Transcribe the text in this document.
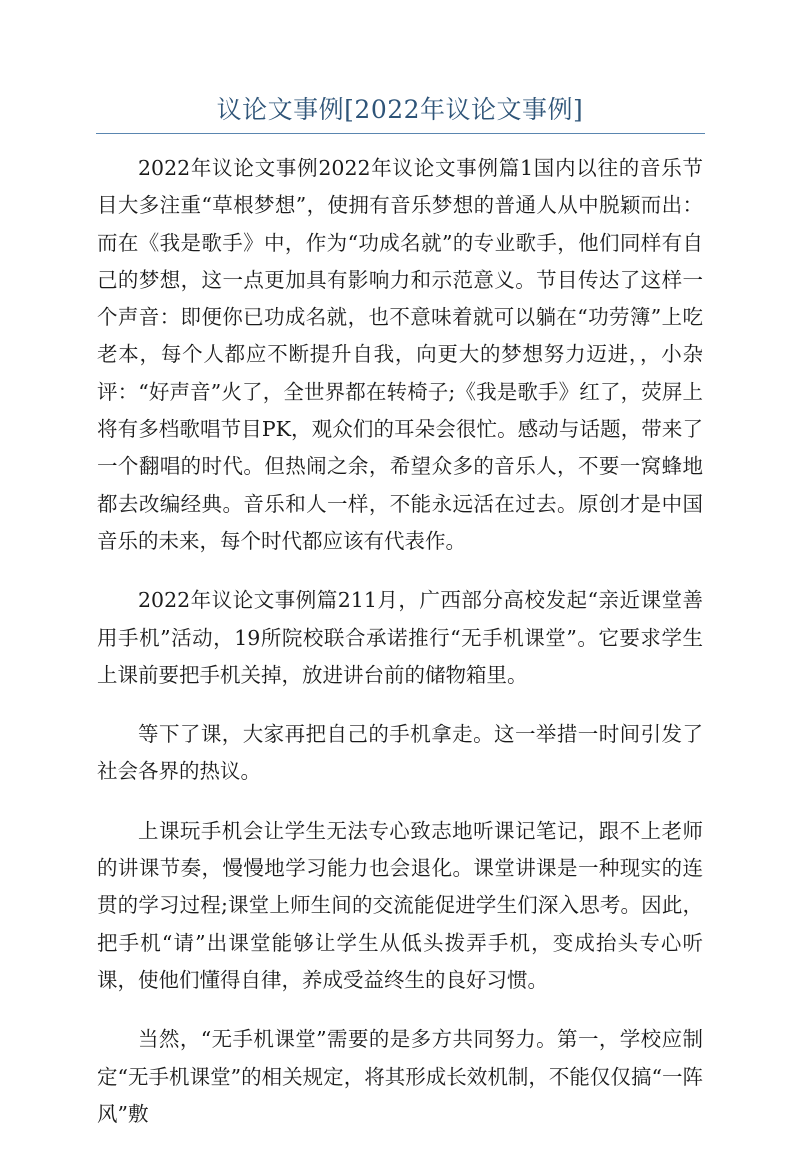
议论文事例[2022年议论文事例]

2022年议论文事例2022年议论文事例篇1国内以往的音乐节目大多注重“草根梦想”，使拥有音乐梦想的普通人从中脱颖而出：而在《我是歌手》中，作为“功成名就”的专业歌手，他们同样有自己的梦想，这一点更加具有影响力和示范意义。节目传达了这样一个声音：即便你已功成名就，也不意味着就可以躺在“功劳簿”上吃老本，每个人都应不断提升自我，向更大的梦想努力迈进，，小杂评：“好声音”火了，全世界都在转椅子;《我是歌手》红了，荧屏上将有多档歌唱节目PK，观众们的耳朵会很忙。感动与话题，带来了一个翻唱的时代。但热闹之余，希望众多的音乐人，不要一窝蜂地都去改编经典。音乐和人一样，不能永远活在过去。原创才是中国音乐的未来，每个时代都应该有代表作。

2022年议论文事例篇211月，广西部分高校发起“亲近课堂善用手机”活动，19所院校联合承诺推行“无手机课堂”。它要求学生上课前要把手机关掉，放进讲台前的储物箱里。

等下了课，大家再把自己的手机拿走。这一举措一时间引发了社会各界的热议。

上课玩手机会让学生无法专心致志地听课记笔记，跟不上老师的讲课节奏，慢慢地学习能力也会退化。课堂讲课是一种现实的连贯的学习过程;课堂上师生间的交流能促进学生们深入思考。因此，把手机“请”出课堂能够让学生从低头拨弄手机，变成抬头专心听课，使他们懂得自律，养成受益终生的良好习惯。

当然，“无手机课堂”需要的是多方共同努力。第一，学校应制定“无手机课堂”的相关规定，将其形成长效机制，不能仅仅搞“一阵风”敷
